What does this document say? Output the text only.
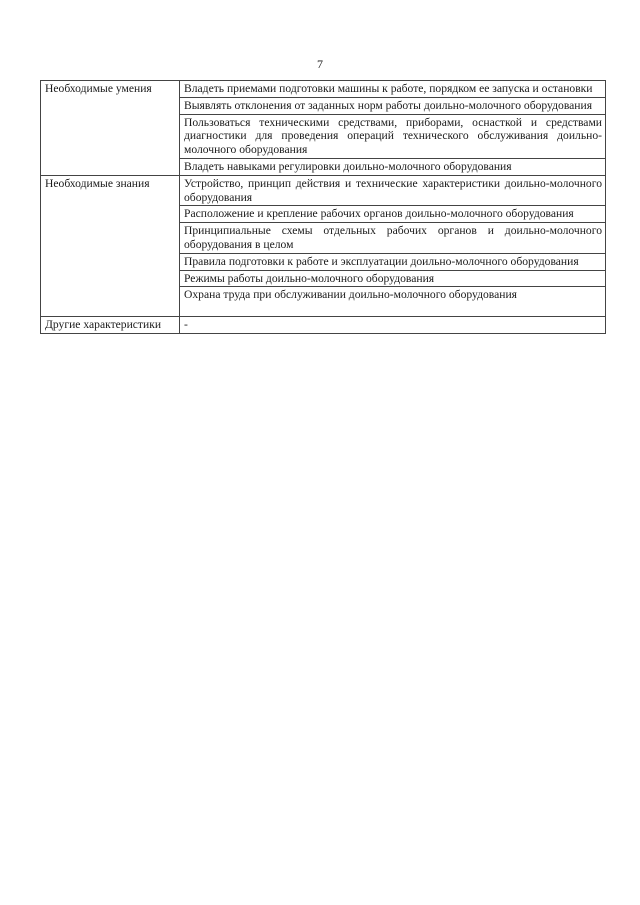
7
Необходимые умения	Владеть приемами подготовки машины к работе, порядком ее запуска и остановки
	Выявлять отклонения от заданных норм работы доильно-молочного оборудования
	Пользоваться техническими средствами, приборами, оснасткой и средствами диагностики для проведения операций технического обслуживания доильно-молочного оборудования
	Владеть навыками регулировки доильно-молочного оборудования
Необходимые знания	Устройство, принцип действия и технические характеристики доильно-молочного оборудования
	Расположение и крепление рабочих органов доильно-молочного оборудования
	Принципиальные схемы отдельных рабочих органов и доильно-молочного оборудования в целом
	Правила подготовки к работе и эксплуатации доильно-молочного оборудования
	Режимы работы доильно-молочного оборудования
	Охрана труда при обслуживании доильно-молочного оборудования
Другие характеристики	-
